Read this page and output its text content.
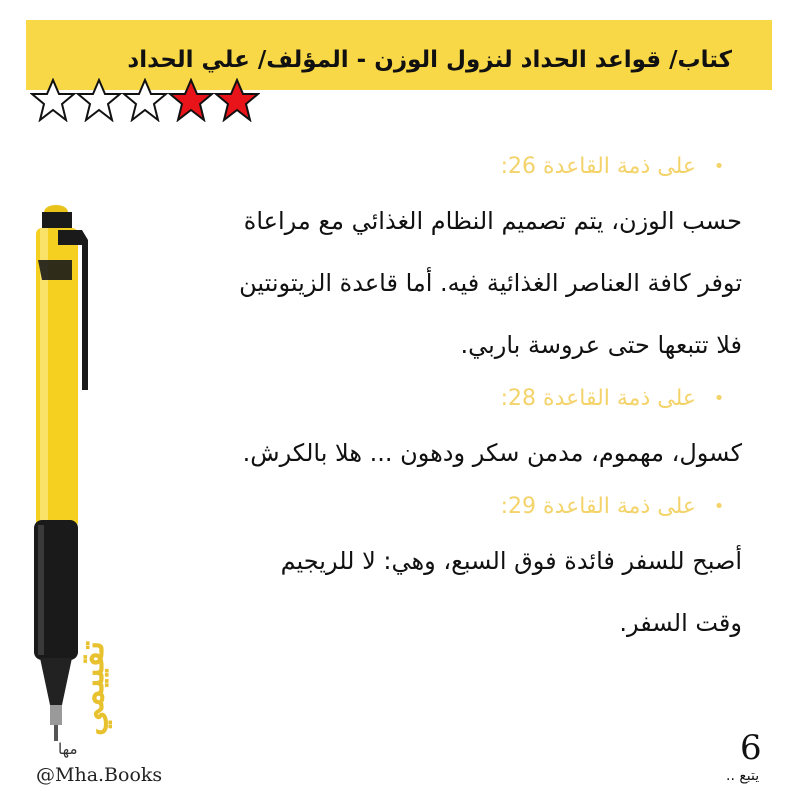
كتاب/ قواعد الحداد لنزول الوزن - المؤلف/ علي الحداد
•
على ذمة القاعدة 26:
حسب الوزن، يتم تصميم النظام الغذائي مع مراعاة
توفر كافة العناصر الغذائية فيه. أما قاعدة الزيتونتين
فلا تتبعها حتى عروسة باربي.
•
على ذمة القاعدة 28:
كسول، مهموم، مدمن سكر ودهون ... هلا بالكرش.
•
على ذمة القاعدة 29:
أصبح للسفر فائدة فوق السبع، وهي: لا للريجيم
وقت السفر.
تقييمي
مها
@Mha.Books
6
يتبع ..
